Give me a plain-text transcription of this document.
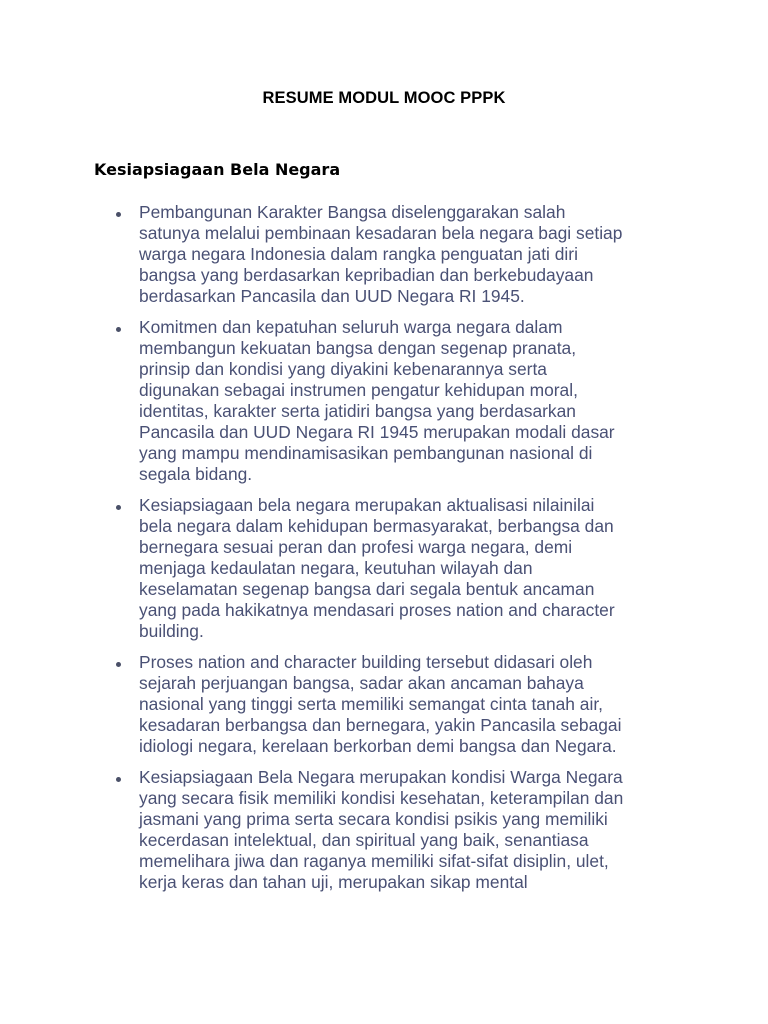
RESUME MODUL MOOC PPPK
Kesiapsiagaan Bela Negara
Pembangunan Karakter Bangsa diselenggarakan salah
satunya melalui pembinaan kesadaran bela negara bagi setiap
warga negara Indonesia dalam rangka penguatan jati diri
bangsa yang berdasarkan kepribadian dan berkebudayaan
berdasarkan Pancasila dan UUD Negara RI 1945.
Komitmen dan kepatuhan seluruh warga negara dalam
membangun kekuatan bangsa dengan segenap pranata,
prinsip dan kondisi yang diyakini kebenarannya serta
digunakan sebagai instrumen pengatur kehidupan moral,
identitas, karakter serta jatidiri bangsa yang berdasarkan
Pancasila dan UUD Negara RI 1945 merupakan modali dasar
yang mampu mendinamisasikan pembangunan nasional di
segala bidang.
Kesiapsiagaan bela negara merupakan aktualisasi nilainilai
bela negara dalam kehidupan bermasyarakat, berbangsa dan
bernegara sesuai peran dan profesi warga negara, demi
menjaga kedaulatan negara, keutuhan wilayah dan
keselamatan segenap bangsa dari segala bentuk ancaman
yang pada hakikatnya mendasari proses nation and character
building.
Proses nation and character building tersebut didasari oleh
sejarah perjuangan bangsa, sadar akan ancaman bahaya
nasional yang tinggi serta memiliki semangat cinta tanah air,
kesadaran berbangsa dan bernegara, yakin Pancasila sebagai
idiologi negara, kerelaan berkorban demi bangsa dan Negara.
Kesiapsiagaan Bela Negara merupakan kondisi Warga Negara
yang secara fisik memiliki kondisi kesehatan, keterampilan dan
jasmani yang prima serta secara kondisi psikis yang memiliki
kecerdasan intelektual, dan spiritual yang baik, senantiasa
memelihara jiwa dan raganya memiliki sifat-sifat disiplin, ulet,
kerja keras dan tahan uji, merupakan sikap mental
